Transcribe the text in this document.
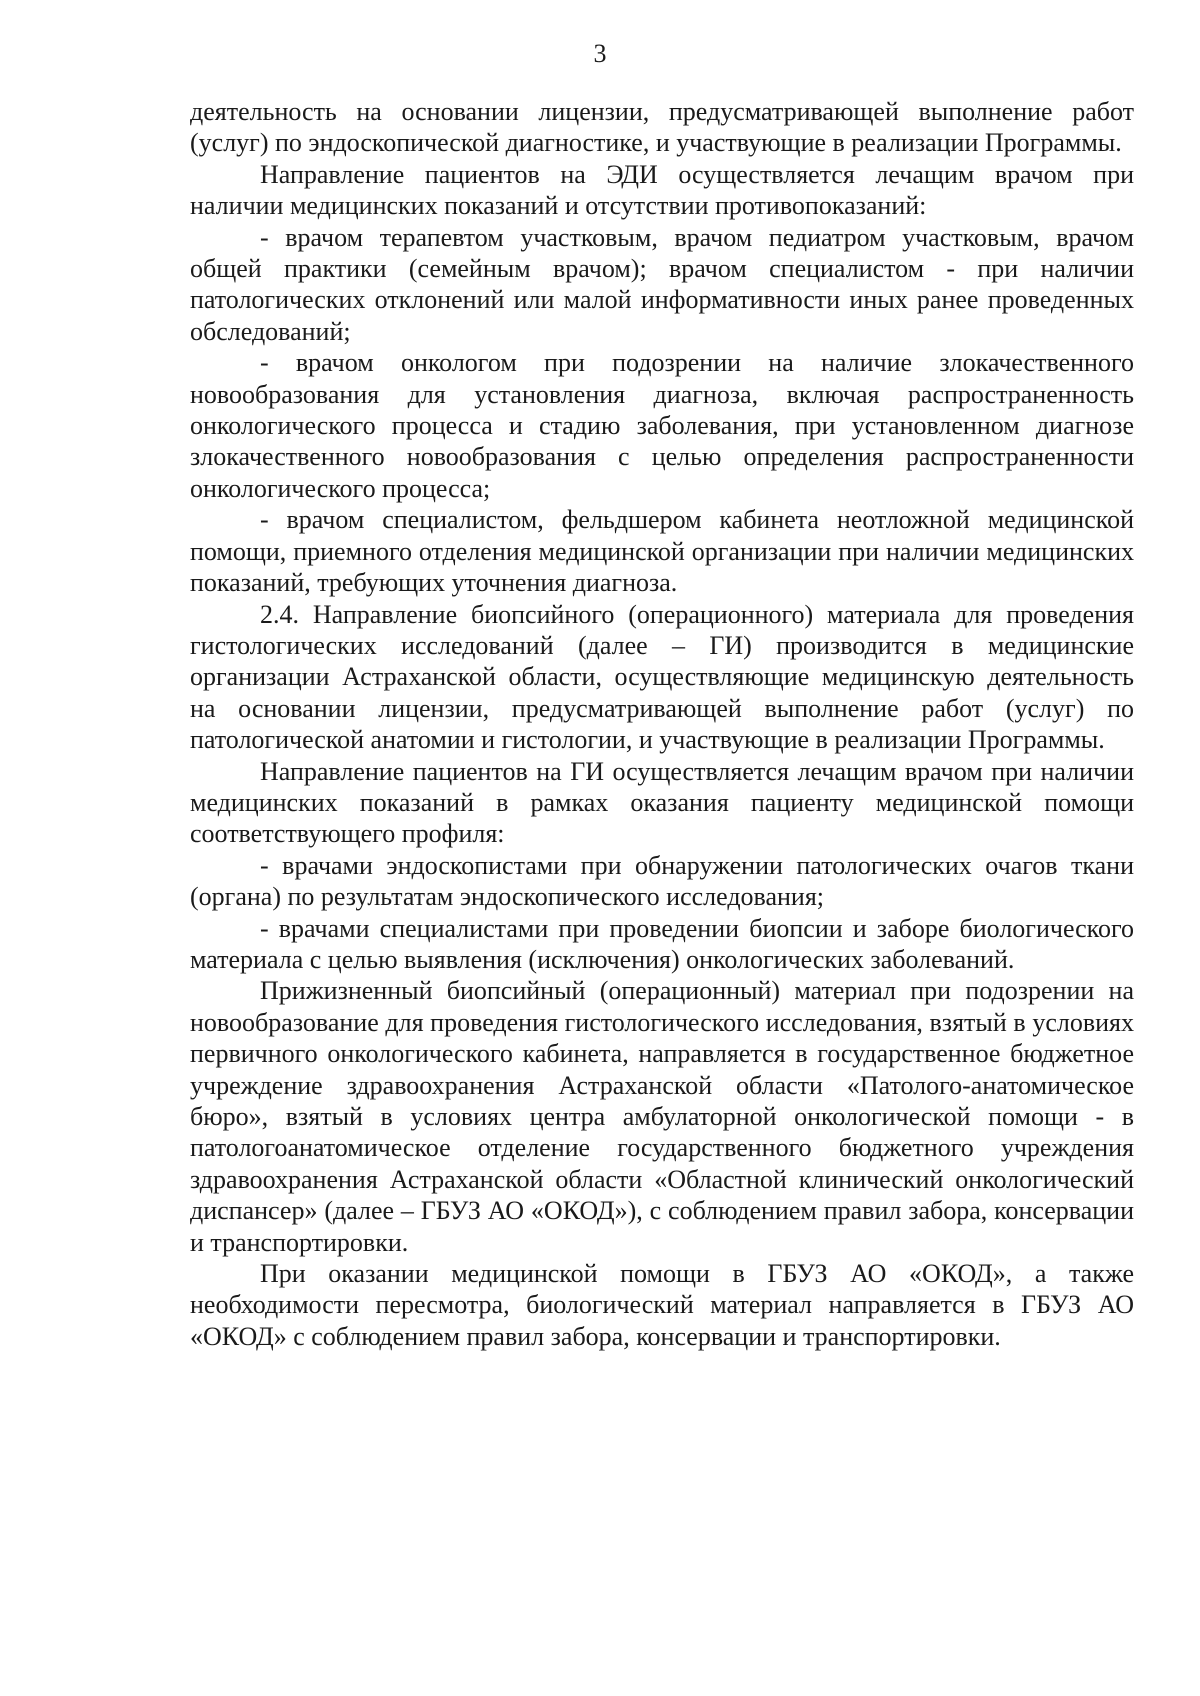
3

деятельность на основании лицензии, предусматривающей выполнение работ (услуг) по эндоскопической диагностике, и участвующие в реализации Программы.

Направление пациентов на ЭДИ осуществляется лечащим врачом при наличии медицинских показаний и отсутствии противопоказаний:

- врачом терапевтом участковым, врачом педиатром участковым, врачом общей практики (семейным врачом); врачом специалистом - при наличии патологических отклонений или малой информативности иных ранее проведенных обследований;

- врачом онкологом при подозрении на наличие злокачественного новообразования для установления диагноза, включая распространенность онкологического процесса и стадию заболевания, при установленном диагнозе злокачественного новообразования с целью определения распространенности онкологического процесса;

- врачом специалистом, фельдшером кабинета неотложной медицинской помощи, приемного отделения медицинской организации при наличии медицинских показаний, требующих уточнения диагноза.

2.4. Направление биопсийного (операционного) материала для проведения гистологических исследований (далее – ГИ) производится в медицинские организации Астраханской области, осуществляющие медицинскую деятельность на основании лицензии, предусматривающей выполнение работ (услуг) по патологической анатомии и гистологии, и участвующие в реализации Программы.

Направление пациентов на ГИ осуществляется лечащим врачом при наличии медицинских показаний в рамках оказания пациенту медицинской помощи соответствующего профиля:

- врачами эндоскопистами при обнаружении патологических очагов ткани (органа) по результатам эндоскопического исследования;

- врачами специалистами при проведении биопсии и заборе биологического материала с целью выявления (исключения) онкологических заболеваний.

Прижизненный биопсийный (операционный) материал при подозрении на новообразование для проведения гистологического исследования, взятый в условиях первичного онкологического кабинета, направляется в государственное бюджетное учреждение здравоохранения Астраханской области «Патолого-анатомическое бюро», взятый в условиях центра амбулаторной онкологической помощи - в патологоанатомическое отделение государственного бюджетного учреждения здравоохранения Астраханской области «Областной клинический онкологический диспансер» (далее – ГБУЗ АО «ОКОД»), с соблюдением правил забора, консервации и транспортировки.

При оказании медицинской помощи в ГБУЗ АО «ОКОД», а также необходимости пересмотра, биологический материал направляется в ГБУЗ АО «ОКОД» с соблюдением правил забора, консервации и транспортировки.
